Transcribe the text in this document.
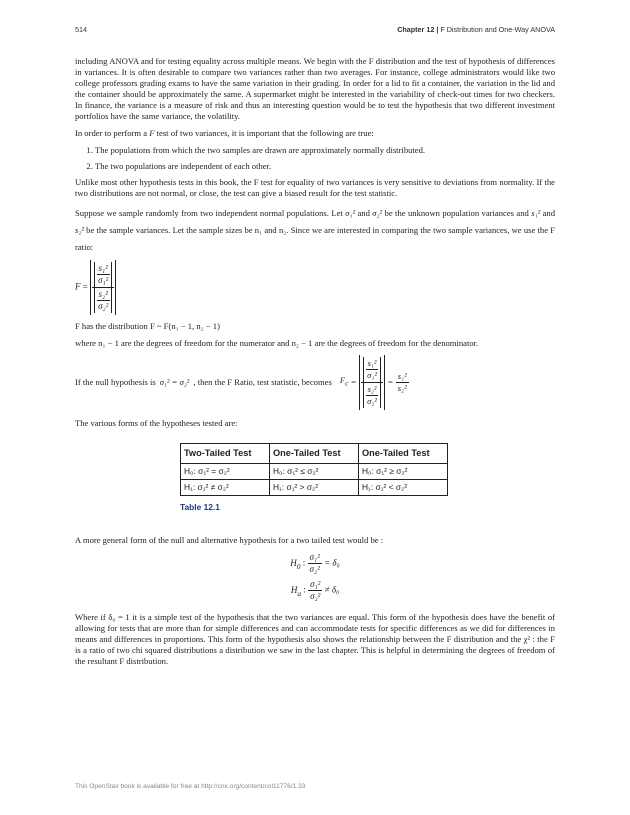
514	Chapter 12 | F Distribution and One-Way ANOVA

including ANOVA and for testing equality across multiple means. We begin with the F distribution and the test of hypothesis of differences in variances. It is often desirable to compare two variances rather than two averages. For instance, college administrators would like two college professors grading exams to have the same variation in their grading. In order for a lid to fit a container, the variation in the lid and the container should be approximately the same. A supermarket might be interested in the variability of check-out times for two checkers. In finance, the variance is a measure of risk and thus an interesting question would be to test the hypothesis that two different investment portfolios have the same variance, the volatility.

In order to perform a F test of two variances, it is important that the following are true:

1. The populations from which the two samples are drawn are approximately normally distributed.
2. The two populations are independent of each other.

Unlike most other hypothesis tests in this book, the F test for equality of two variances is very sensitive to deviations from normality. If the two distributions are not normal, or close, the test can give a biased result for the test statistic.

Suppose we sample randomly from two independent normal populations. Let σ₁² and σ₂² be the unknown population variances and s₁² and s₂² be the sample variances. Let the sample sizes be n₁ and n₂. Since we are interested in comparing the two sample variances, we use the F ratio:

$F = \frac{\frac{\text{s₁²}}{\text{σ₁²}}}{\frac{\text{s₂²}}{\text{σ₂²}}}$

F has the distribution F ~ F(n₁ − 1, n₂ − 1)

where n₁ − 1 are the degrees of freedom for the numerator and n₂ − 1 are the degrees of freedom for the denominator.

If the null hypothesis is σ₁² = σ₂² , then the F Ratio, test statistic, becomes $F_c = \frac{\frac{\text{s₁²}}{\text{σ₁²}}}{\frac{\text{s₂²}}{\text{σ₂²}}} = \frac{\text{s₁²}}{\text{s₂²}}$

The various forms of the hypotheses tested are:

Two-Tailed Test	One-Tailed Test	One-Tailed Test
H₀: σ₁² = σ₂²	H₀: σ₁² ≤ σ₂²	H₀: σ₁² ≥ σ₂²
H₁: σ₁² ≠ σ₂²	H₁: σ₁² > σ₂²	H₁: σ₁² < σ₂²
Table 12.1

A more general form of the null and alternative hypothesis for a two tailed test would be :

$H_0$ : $\frac{\text{σ₁²}}{\text{σ₂²}} = \delta_0$
$H_a$ : $\frac{\text{σ₁²}}{\text{σ₂²}} \ne \delta_0$

Where if δ₀ = 1 it is a simple test of the hypothesis that the two variances are equal. This form of the hypothesis does have the benefit of allowing for tests that are more than for simple differences and can accommodate tests for specific differences as we did for differences in means and differences in proportions. This form of the hypothesis also shows the relationship between the F distribution and the χ² : the F is a ratio of two chi squared distributions a distribution we saw in the last chapter. This is helpful in determining the degrees of freedom of the resultant F distribution.

This OpenStax book is available for free at http://cnx.org/content/col11776/1.33
